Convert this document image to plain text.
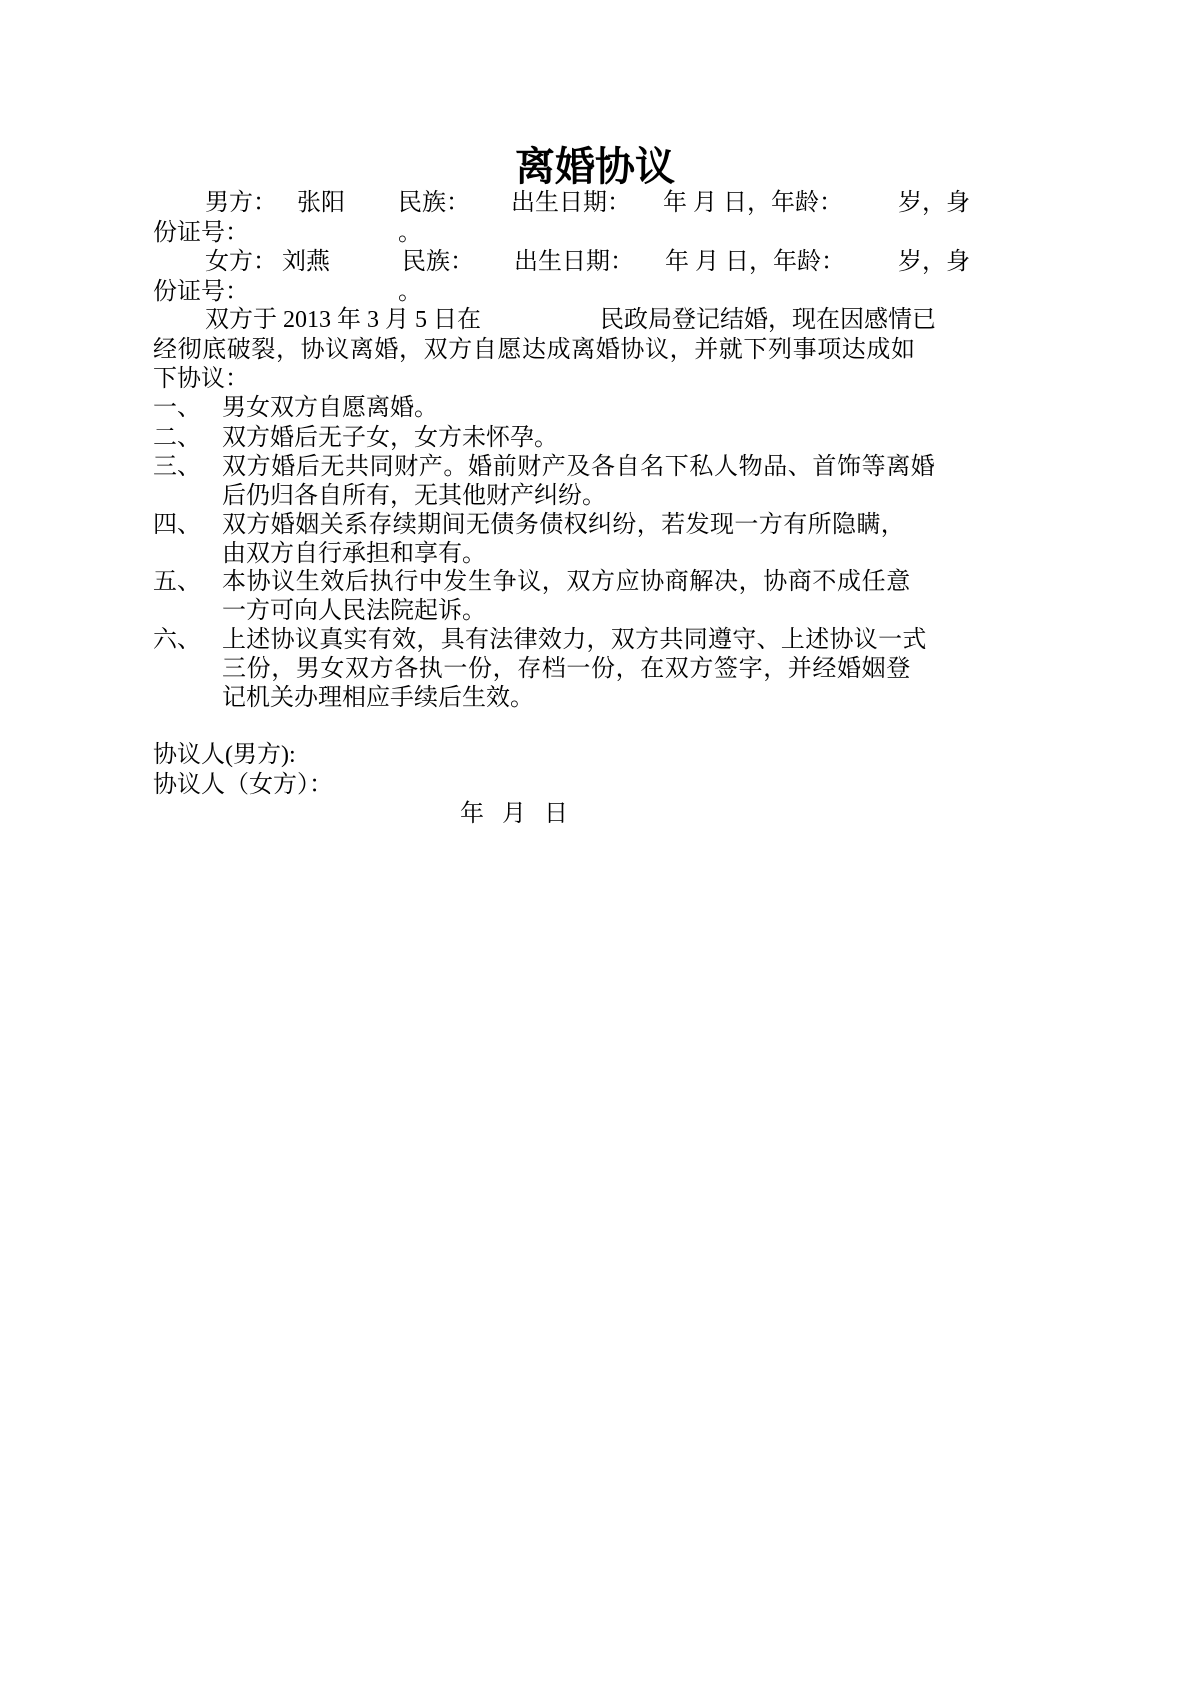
离婚协议
男方： 张阳 民族： 出生日期： 年 月 日，年龄： 岁，身
份证号：	。
女方： 刘燕	民族： 出生日期： 年 月 日，年龄： 岁，身
份证号：	。
双方于 2013 年 3 月 5 日在	民政局登记结婚，现在因感情已
经彻底破裂，协议离婚，双方自愿达成离婚协议，并就下列事项达成如
下协议：
一、 男女双方自愿离婚。
二、 双方婚后无子女，女方未怀孕。
三、 双方婚后无共同财产。婚前财产及各自名下私人物品、首饰等离婚
后仍归各自所有，无其他财产纠纷。
四、 双方婚姻关系存续期间无债务债权纠纷，若发现一方有所隐瞒，
由双方自行承担和享有。
五、 本协议生效后执行中发生争议，双方应协商解决，协商不成任意
一方可向人民法院起诉。
六、 上述协议真实有效，具有法律效力，双方共同遵守、上述协议一式
三份，男女双方各执一份，存档一份，在双方签字，并经婚姻登
记机关办理相应手续后生效。
协议人(男方):
协议人（女方）：
年   月   日
